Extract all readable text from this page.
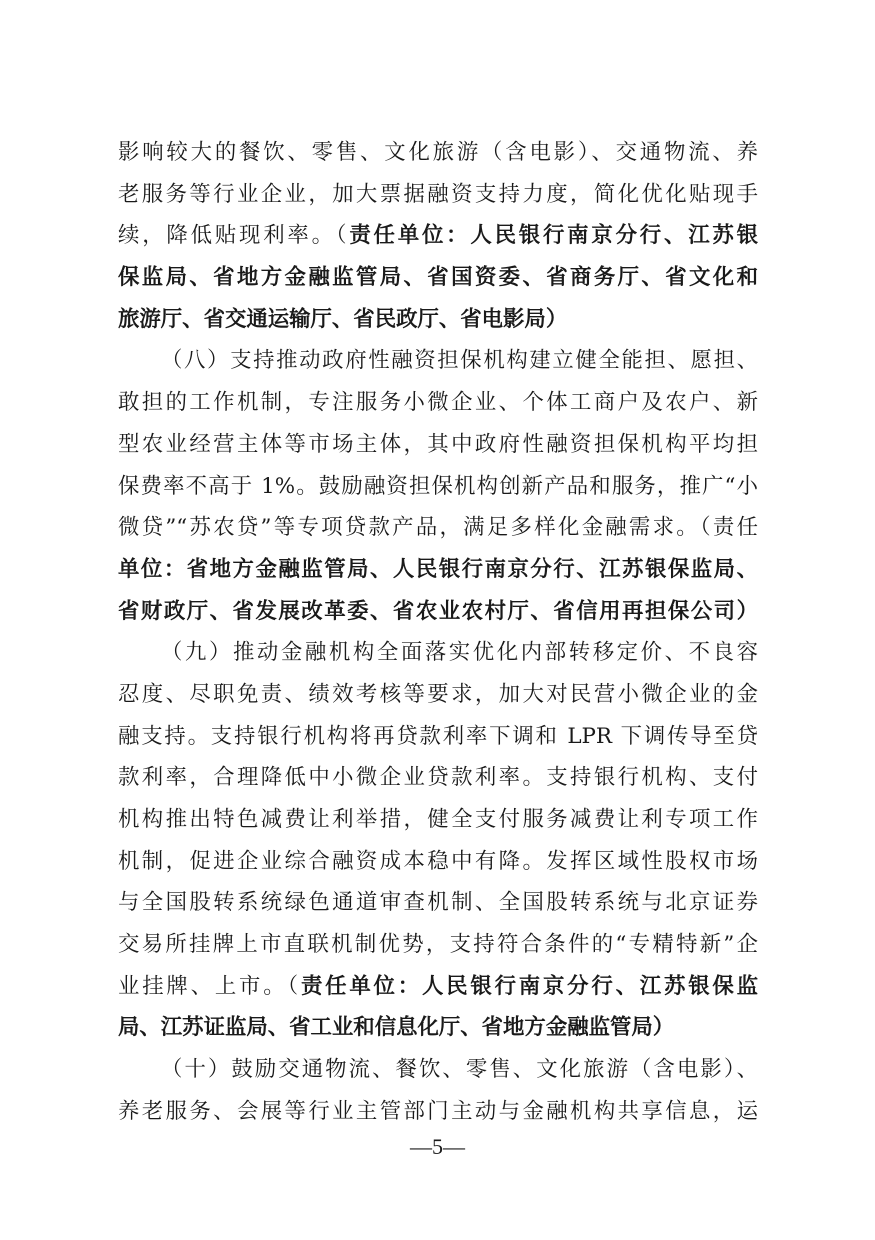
影响较大的餐饮、零售、文化旅游（含电影）、交通物流、养
老服务等行业企业，加大票据融资支持力度，简化优化贴现手
续，降低贴现利率。（责任单位：人民银行南京分行、江苏银
保监局、省地方金融监管局、省国资委、省商务厅、省文化和
旅游厅、省交通运输厅、省民政厅、省电影局）
（八）支持推动政府性融资担保机构建立健全能担、愿担、
敢担的工作机制，专注服务小微企业、个体工商户及农户、新
型农业经营主体等市场主体，其中政府性融资担保机构平均担
保费率不高于 1%。鼓励融资担保机构创新产品和服务，推广“小
微贷”“苏农贷”等专项贷款产品，满足多样化金融需求。（责任
单位：省地方金融监管局、人民银行南京分行、江苏银保监局、
省财政厅、省发展改革委、省农业农村厅、省信用再担保公司）
（九）推动金融机构全面落实优化内部转移定价、不良容
忍度、尽职免责、绩效考核等要求，加大对民营小微企业的金
融支持。支持银行机构将再贷款利率下调和 LPR 下调传导至贷
款利率，合理降低中小微企业贷款利率。支持银行机构、支付
机构推出特色减费让利举措，健全支付服务减费让利专项工作
机制，促进企业综合融资成本稳中有降。发挥区域性股权市场
与全国股转系统绿色通道审查机制、全国股转系统与北京证券
交易所挂牌上市直联机制优势，支持符合条件的“专精特新”企
业挂牌、上市。（责任单位：人民银行南京分行、江苏银保监
局、江苏证监局、省工业和信息化厅、省地方金融监管局）
（十）鼓励交通物流、餐饮、零售、文化旅游（含电影）、
养老服务、会展等行业主管部门主动与金融机构共享信息，运
—5—
